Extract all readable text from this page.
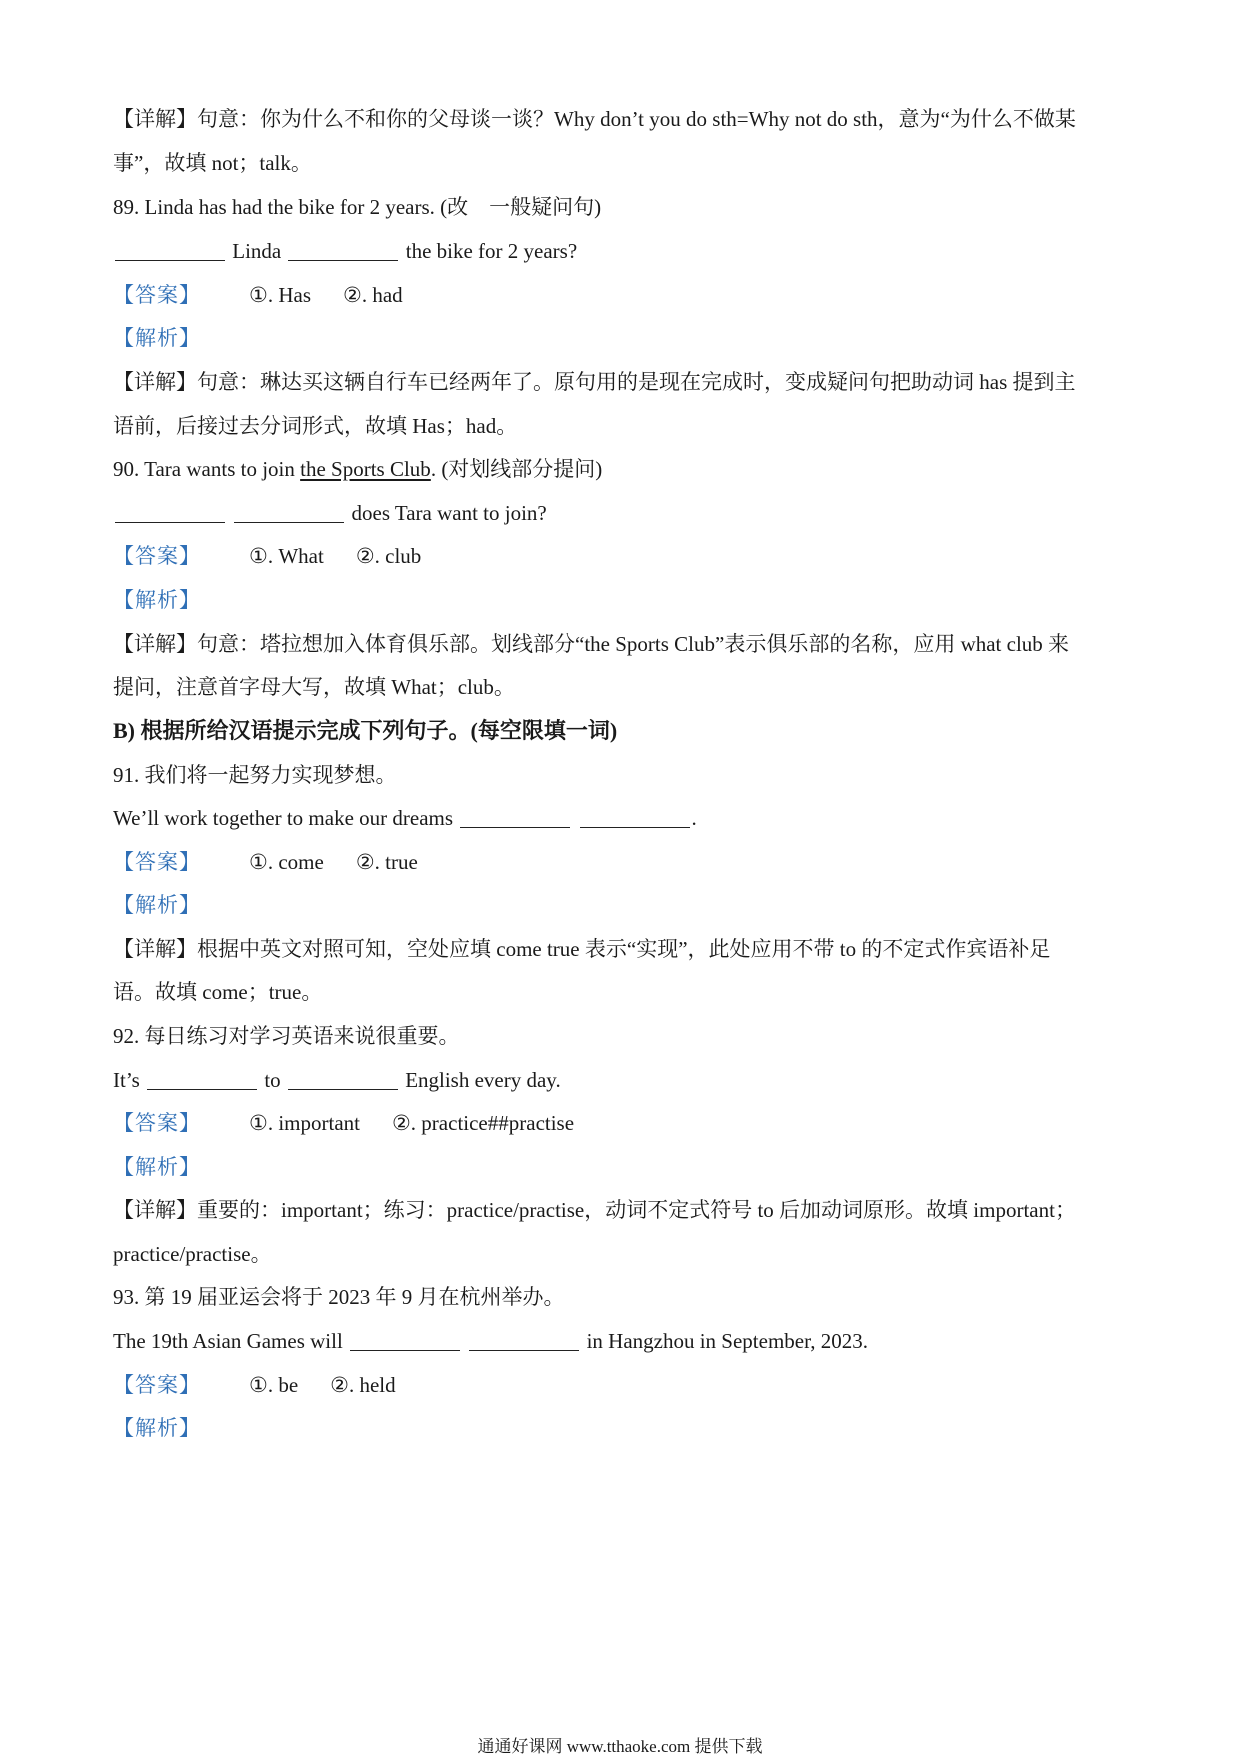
【详解】句意：你为什么不和你的父母谈一谈？Why don’t you do sth=Why not do sth，意为“为什么不做某
事”，故填 not；talk。
89. Linda has had the bike for 2 years. (改　一般疑问句)
Linda	the bike for 2 years?
【答案】 ①. Has ②. had
【解析】
【详解】句意：琳达买这辆自行车已经两年了。原句用的是现在完成时，变成疑问句把助动词 has 提到主
语前，后接过去分词形式，故填 Has；had。
90. Tara wants to join the Sports Club. (对划线部分提问)
does Tara want to join?
【答案】 ①. What ②. club
【解析】
【详解】句意：塔拉想加入体育俱乐部。划线部分“the Sports Club”表示俱乐部的名称，应用 what club 来
提问，注意首字母大写，故填 What；club。
B) 根据所给汉语提示完成下列句子。(每空限填一词)
91. 我们将一起努力实现梦想。
We’ll work together to make our dreams	.
【答案】 ①. come ②. true
【解析】
【详解】根据中英文对照可知，空处应填 come true 表示“实现”，此处应用不带 to 的不定式作宾语补足
语。故填 come；true。
92. 每日练习对学习英语来说很重要。
It’s	to	English every day.
【答案】 ①. important ②. practice##practise
【解析】
【详解】重要的：important；练习：practice/practise，动词不定式符号 to 后加动词原形。故填 important；
practice/practise。
93. 第 19 届亚运会将于 2023 年 9 月在杭州举办。
The 19th Asian Games will	in Hangzhou in September, 2023.
【答案】 ①. be ②. held
【解析】
通通好课网 www.tthaoke.com 提供下载
